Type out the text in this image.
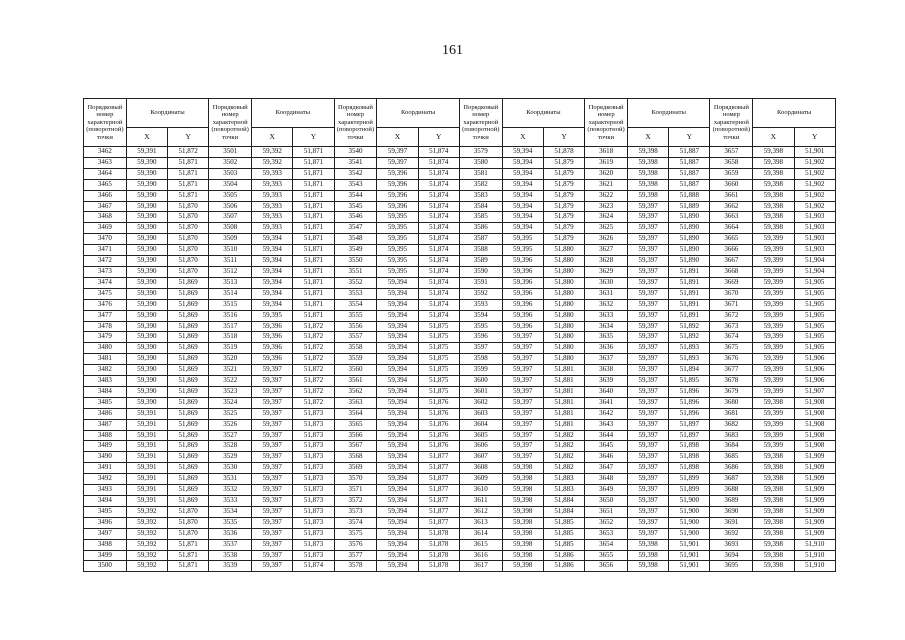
161
Порядковый номер характерной (поворотной) точки	Координаты		Порядковый номер характерной (поворотной) точки	Координаты		Порядковый номер характерной (поворотной) точки	Координаты		Порядковый номер характерной (поворотной) точки	Координаты		Порядковый номер характерной (поворотной) точки	Координаты		Порядковый номер характерной (поворотной) точки	Координаты	
	X	Y		X	Y		X	Y		X	Y		X	Y		X	Y
3462	59,391	51,872	3501	59,392	51,871	3540	59,397	51,874	3579	59,394	51,878	3618	59,398	51,887	3657	59,398	51,901
3463	59,390	51,871	3502	59,392	51,871	3541	59,397	51,874	3580	59,394	51,879	3619	59,398	51,887	3658	59,398	51,902
3464	59,390	51,871	3503	59,393	51,871	3542	59,396	51,874	3581	59,394	51,879	3620	59,398	51,887	3659	59,398	51,902
3465	59,390	51,871	3504	59,393	51,871	3543	59,396	51,874	3582	59,394	51,879	3621	59,398	51,887	3660	59,398	51,902
3466	59,390	51,871	3505	59,393	51,871	3544	59,396	51,874	3583	59,394	51,879	3622	59,398	51,888	3661	59,398	51,902
3467	59,390	51,870	3506	59,393	51,871	3545	59,396	51,874	3584	59,394	51,879	3623	59,397	51,889	3662	59,398	51,902
3468	59,390	51,870	3507	59,393	51,871	3546	59,395	51,874	3585	59,394	51,879	3624	59,397	51,890	3663	59,398	51,903
3469	59,390	51,870	3508	59,393	51,871	3547	59,395	51,874	3586	59,394	51,879	3625	59,397	51,890	3664	59,398	51,903
3470	59,390	51,870	3509	59,394	51,871	3548	59,395	51,874	3587	59,395	51,879	3626	59,397	51,890	3665	59,399	51,903
3471	59,390	51,870	3510	59,394	51,871	3549	59,395	51,874	3588	59,395	51,880	3627	59,397	51,890	3666	59,399	51,903
3472	59,390	51,870	3511	59,394	51,871	3550	59,395	51,874	3589	59,396	51,880	3628	59,397	51,890	3667	59,399	51,904
3473	59,390	51,870	3512	59,394	51,871	3551	59,395	51,874	3590	59,396	51,880	3629	59,397	51,891	3668	59,399	51,904
3474	59,390	51,869	3513	59,394	51,871	3552	59,394	51,874	3591	59,396	51,880	3630	59,397	51,891	3669	59,399	51,905
3475	59,390	51,869	3514	59,394	51,871	3553	59,394	51,874	3592	59,396	51,880	3631	59,397	51,891	3670	59,399	51,905
3476	59,390	51,869	3515	59,394	51,871	3554	59,394	51,874	3593	59,396	51,880	3632	59,397	51,891	3671	59,399	51,905
3477	59,390	51,869	3516	59,395	51,871	3555	59,394	51,874	3594	59,396	51,880	3633	59,397	51,891	3672	59,399	51,905
3478	59,390	51,869	3517	59,396	51,872	3556	59,394	51,875	3595	59,396	51,880	3634	59,397	51,892	3673	59,399	51,905
3479	59,390	51,869	3518	59,396	51,872	3557	59,394	51,875	3596	59,397	51,880	3635	59,397	51,892	3674	59,399	51,905
3480	59,390	51,869	3519	59,396	51,872	3558	59,394	51,875	3597	59,397	51,880	3636	59,397	51,893	3675	59,399	51,905
3481	59,390	51,869	3520	59,396	51,872	3559	59,394	51,875	3598	59,397	51,880	3637	59,397	51,893	3676	59,399	51,906
3482	59,390	51,869	3521	59,397	51,872	3560	59,394	51,875	3599	59,397	51,881	3638	59,397	51,894	3677	59,399	51,906
3483	59,390	51,869	3522	59,397	51,872	3561	59,394	51,875	3600	59,397	51,881	3639	59,397	51,895	3678	59,399	51,906
3484	59,390	51,869	3523	59,397	51,872	3562	59,394	51,875	3601	59,397	51,881	3640	59,397	51,896	3679	59,399	51,907
3485	59,390	51,869	3524	59,397	51,872	3563	59,394	51,876	3602	59,397	51,881	3641	59,397	51,896	3680	59,398	51,908
3486	59,391	51,869	3525	59,397	51,873	3564	59,394	51,876	3603	59,397	51,881	3642	59,397	51,896	3681	59,399	51,908
3487	59,391	51,869	3526	59,397	51,873	3565	59,394	51,876	3604	59,397	51,881	3643	59,397	51,897	3682	59,399	51,908
3488	59,391	51,869	3527	59,397	51,873	3566	59,394	51,876	3605	59,397	51,882	3644	59,397	51,897	3683	59,399	51,908
3489	59,391	51,869	3528	59,397	51,873	3567	59,394	51,876	3606	59,397	51,882	3645	59,397	51,898	3684	59,399	51,908
3490	59,391	51,869	3529	59,397	51,873	3568	59,394	51,877	3607	59,397	51,882	3646	59,397	51,898	3685	59,398	51,909
3491	59,391	51,869	3530	59,397	51,873	3569	59,394	51,877	3608	59,398	51,882	3647	59,397	51,898	3686	59,398	51,909
3492	59,391	51,869	3531	59,397	51,873	3570	59,394	51,877	3609	59,398	51,883	3648	59,397	51,899	3687	59,398	51,909
3493	59,391	51,869	3532	59,397	51,873	3571	59,394	51,877	3610	59,398	51,883	3649	59,397	51,899	3688	59,398	51,909
3494	59,391	51,869	3533	59,397	51,873	3572	59,394	51,877	3611	59,398	51,884	3650	59,397	51,900	3689	59,398	51,909
3495	59,392	51,870	3534	59,397	51,873	3573	59,394	51,877	3612	59,398	51,884	3651	59,397	51,900	3690	59,398	51,909
3496	59,392	51,870	3535	59,397	51,873	3574	59,394	51,877	3613	59,398	51,885	3652	59,397	51,900	3691	59,398	51,909
3497	59,392	51,870	3536	59,397	51,873	3575	59,394	51,878	3614	59,398	51,885	3653	59,397	51,900	3692	59,398	51,909
3498	59,392	51,871	3537	59,397	51,873	3576	59,394	51,878	3615	59,398	51,885	3654	59,398	51,901	3693	59,398	51,910
3499	59,392	51,871	3538	59,397	51,873	3577	59,394	51,878	3616	59,398	51,886	3655	59,398	51,901	3694	59,398	51,910
3500	59,392	51,871	3539	59,397	51,874	3578	59,394	51,878	3617	59,398	51,886	3656	59,398	51,901	3695	59,398	51,910
